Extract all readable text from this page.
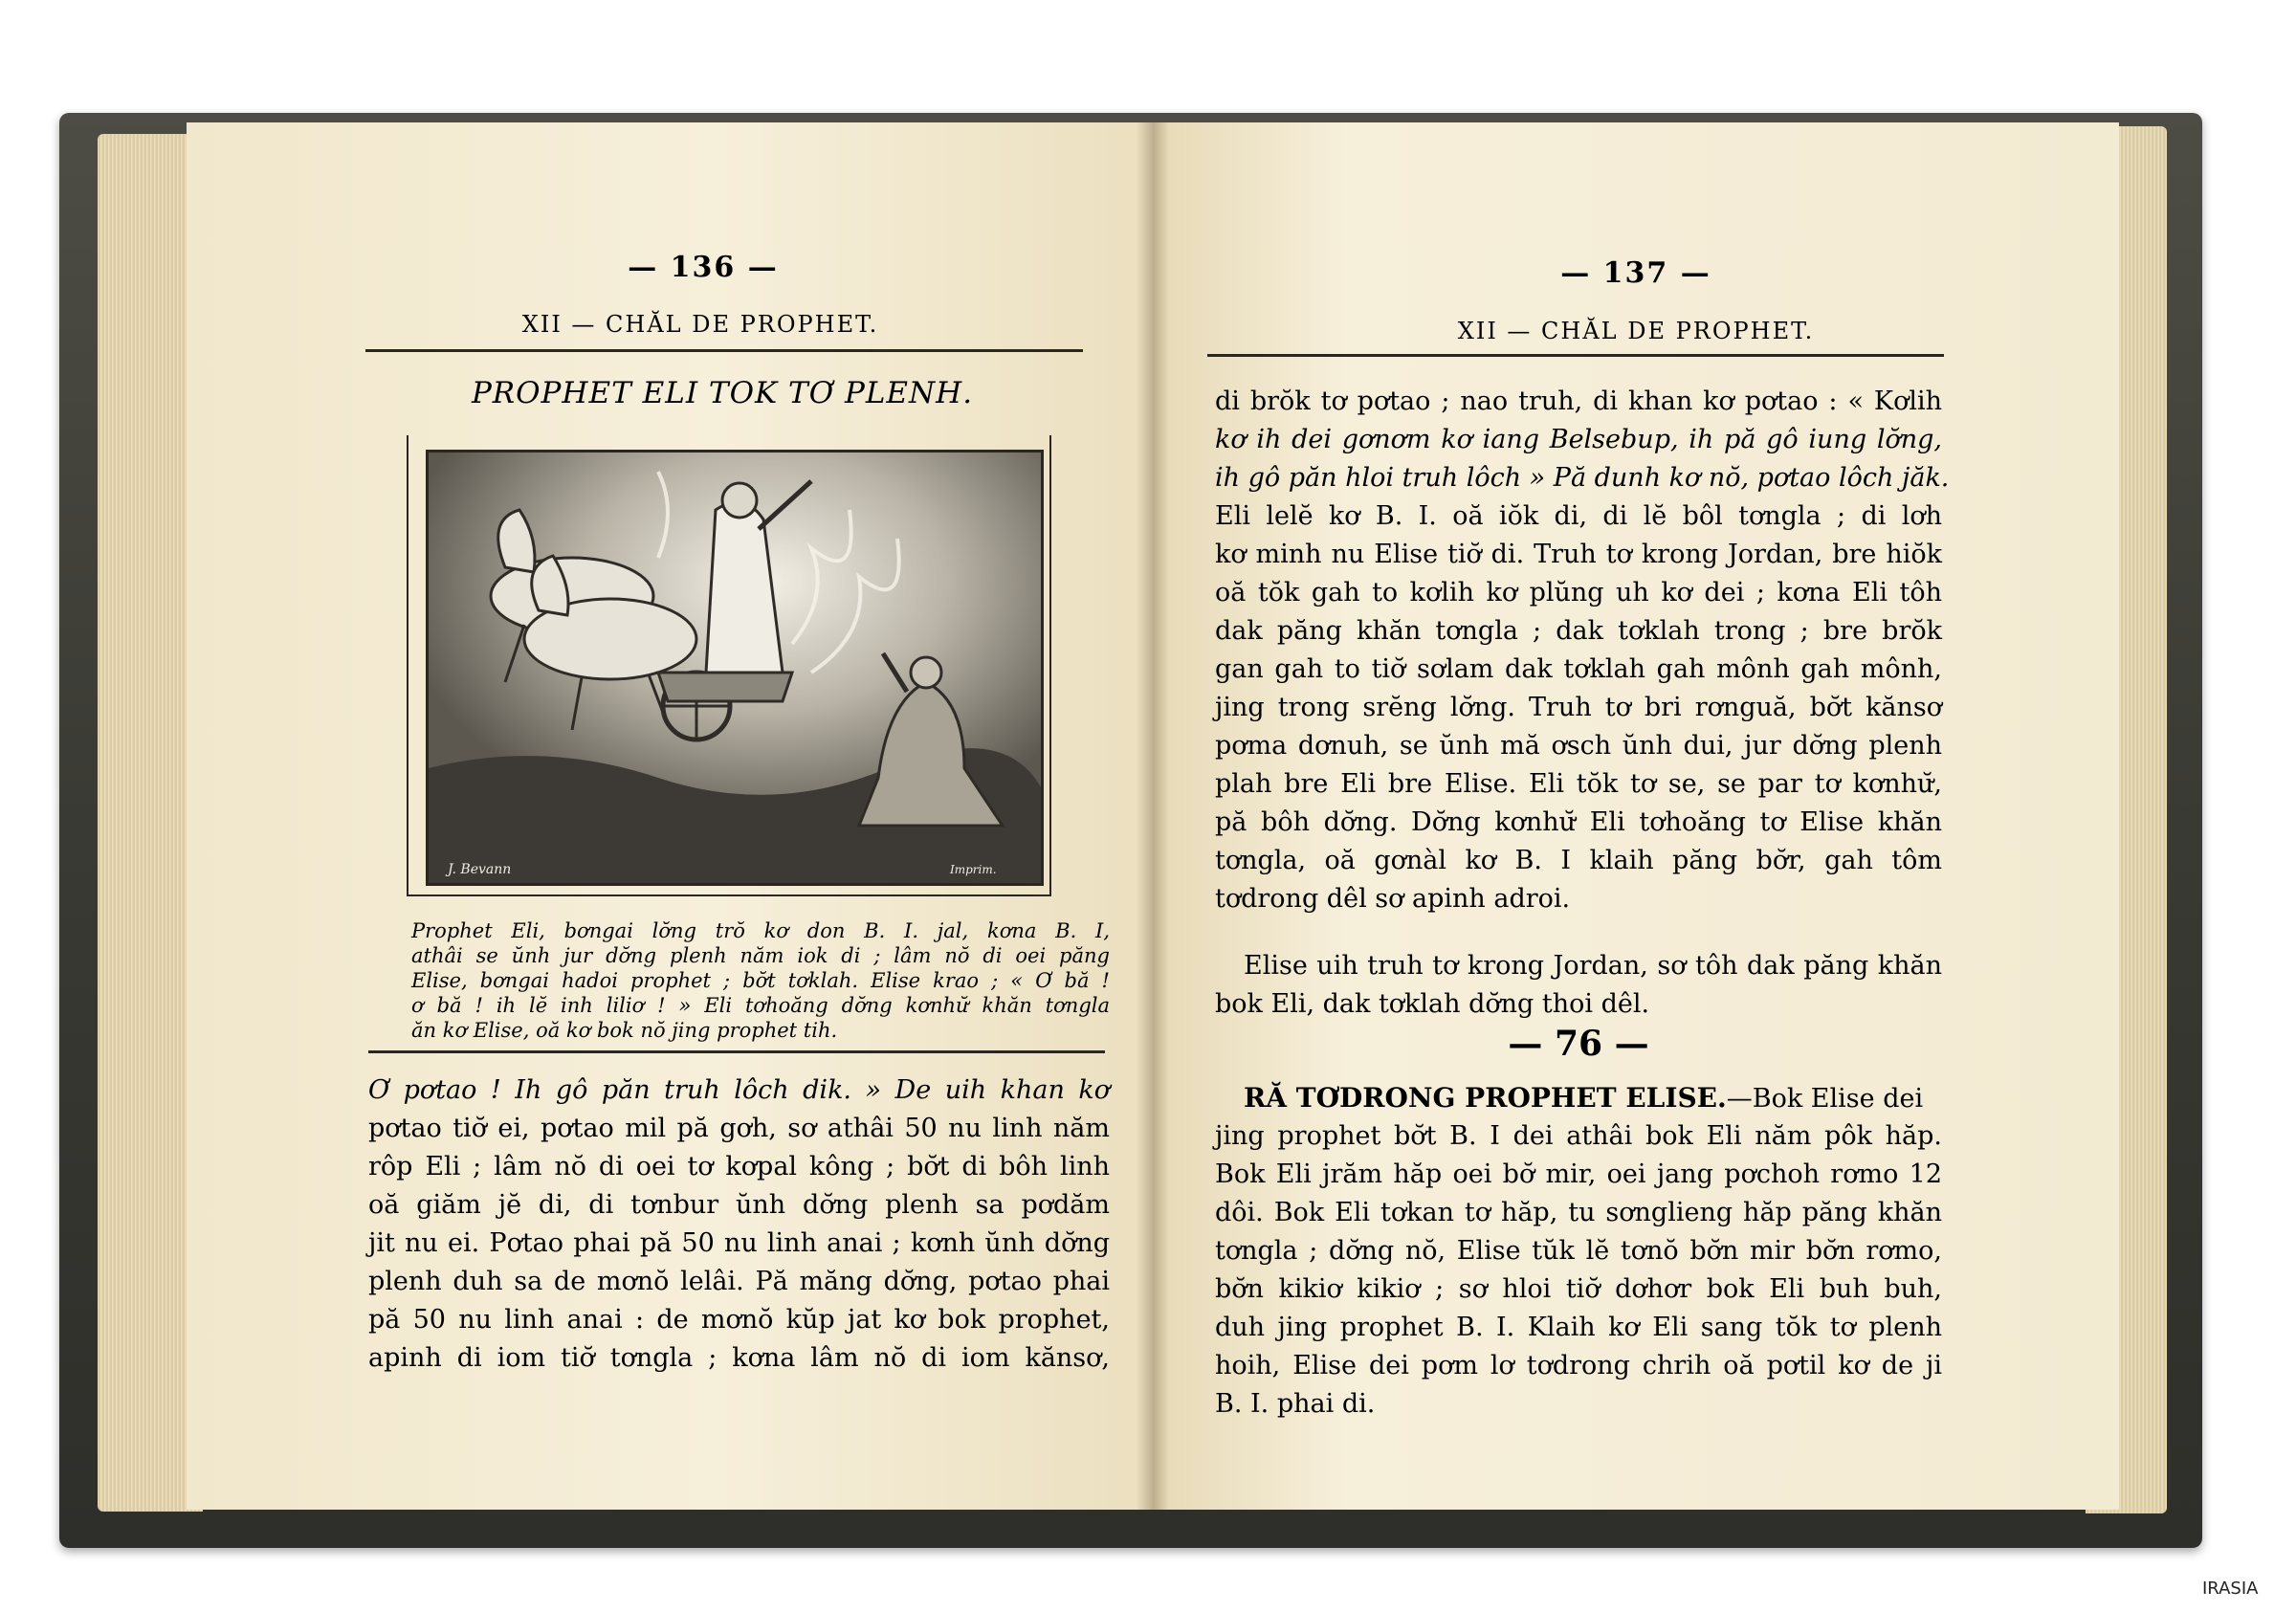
— 136 —
XII — CHĂL DE PROPHET.
PROPHET ELI TOK TƠ PLENH.
J. Bevann	Imprim.
Prophet Eli, bơngai lơ̆ng trŏ kơ don B. I. jal, kơna B. I,
athâi se ŭnh jur dơ̆ng plenh năm iok di ; lâm nŏ di oei păng
Elise, bơngai hadoi prophet ; bơ̆t tơklah. Elise krao ; « Ơ bă !
ơ bă ! ih lĕ inh liliơ ! » Eli tơhoăng dơ̆ng kơnhư̆ khăn tơngla
ăn kơ Elise, oă kơ bok nŏ jing prophet tih.
Ơ pơtao ! Ih gô păn truh lôch dik. » De uih khan kơ
pơtao tiơ̆ ei, pơtao mil pă gơh, sơ athâi 50 nu linh năm
rôp Eli ; lâm nŏ di oei tơ kơpal kông ; bơ̆t di bôh linh
oă giăm jĕ di, di tơnbur ŭnh dơ̆ng plenh sa pơdăm
jit nu ei. Pơtao phai pă 50 nu linh anai ; kơnh ŭnh dơ̆ng
plenh duh sa de mơnŏ lelâi. Pă măng dơ̆ng, pơtao phai
pă 50 nu linh anai : de mơnŏ kŭp jat kơ bok prophet,
apinh di iom tiơ̆ tơngla ; kơna lâm nŏ di iom kănsơ,
— 137 —
XII — CHĂL DE PROPHET.
di brŏk tơ pơtao ; nao truh, di khan kơ pơtao : « Kơlih
kơ ih dei gơnơm kơ iang Belsebup, ih pă gô iung lơ̆ng,
ih gô păn hloi truh lôch » Pă dunh kơ nŏ, pơtao lôch jăk.
Eli lelĕ kơ B. I. oă iŏk di, di lĕ bôl tơngla ; di lơh
kơ minh nu Elise tiơ̆ di. Truh tơ krong Jordan, bre hiŏk
oă tŏk gah to kơlih kơ plŭng uh kơ dei ; kơna Eli tôh
dak păng khăn tơngla ; dak tơklah trong ; bre brŏk
gan gah to tiơ̆ sơlam dak tơklah gah mônh gah mônh,
jing trong srĕng lơ̆ng. Truh tơ bri rơnguă, bơ̆t kănsơ
pơma dơnuh, se ŭnh mă ơsch ŭnh dui, jur dơ̆ng plenh
plah bre Eli bre Elise. Eli tŏk tơ se, se par tơ kơnhư̆,
pă bôh dơ̆ng. Dơ̆ng kơnhư̆ Eli tơhoăng tơ Elise khăn
tơngla, oă gơnàl kơ B. I klaih păng bơ̆r, gah tôm
tơdrong dêl sơ apinh adroi.
Elise uih truh tơ krong Jordan, sơ tôh dak păng khăn
bok Eli, dak tơklah dơ̆ng thoi dêl.
— 76 —
RĂ TƠDRONG PROPHET ELISE.—Bok Elise dei
jing prophet bơ̆t B. I dei athâi bok Eli năm pôk hăp.
Bok Eli jrăm hăp oei bơ̆ mir, oei jang pơchoh rơmo 12
dôi. Bok Eli tơkan tơ hăp, tu sơnglieng hăp păng khăn
tơngla ; dơ̆ng nŏ, Elise tŭk lĕ tơnŏ bơ̆n mir bơ̆n rơmo,
bơ̆n kikiơ kikiơ ; sơ hloi tiơ̆ dơhơr bok Eli buh buh,
duh jing prophet B. I. Klaih kơ Eli sang tŏk tơ plenh
hoih, Elise dei pơm lơ tơdrong chrih oă pơtil kơ de ji
B. I. phai di.
IRASIA
